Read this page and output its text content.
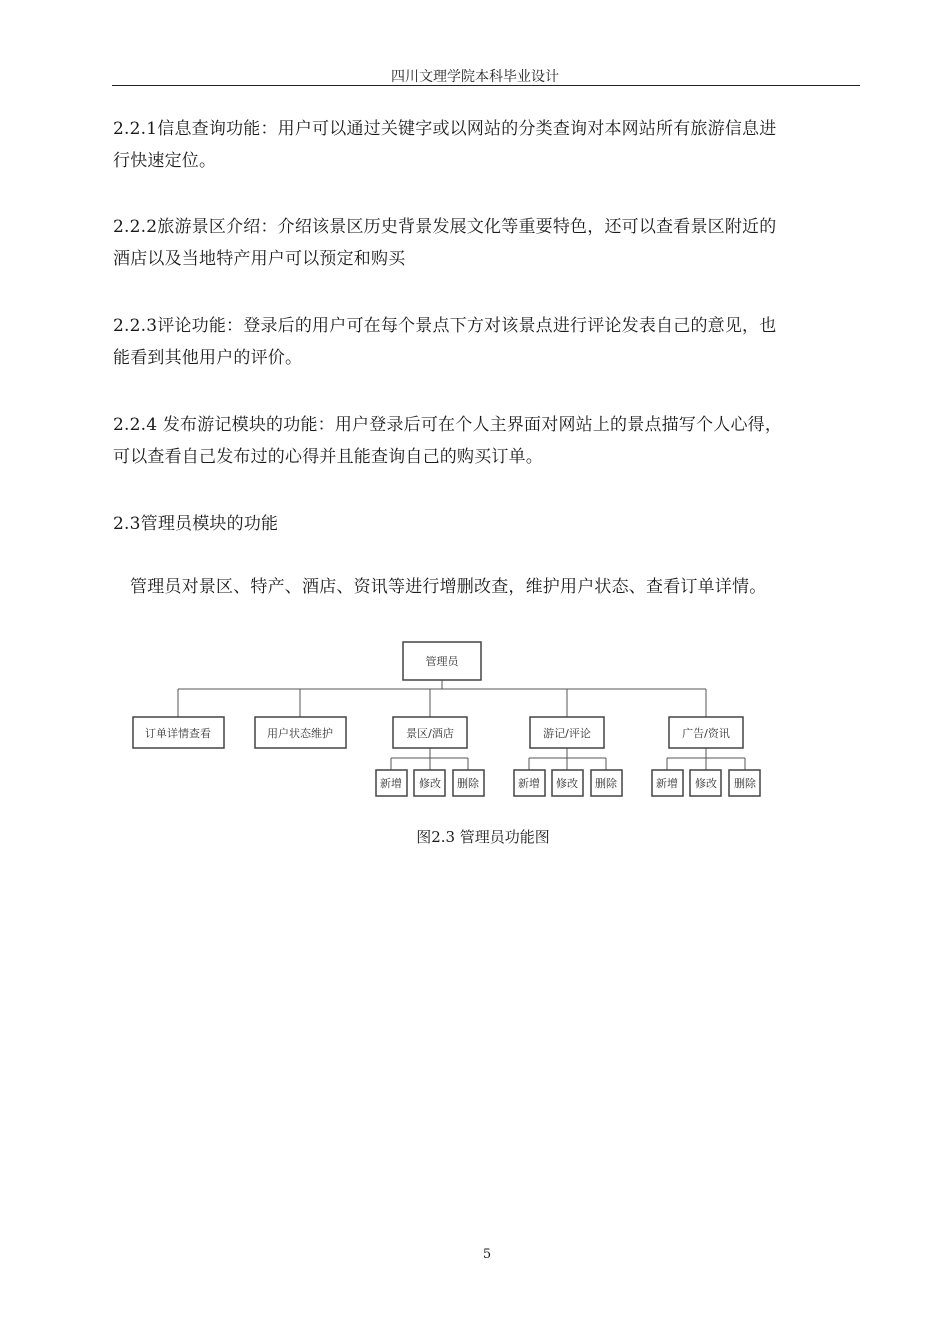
四川文理学院本科毕业设计

2.2.1信息查询功能：用户可以通过关键字或以网站的分类查询对本网站所有旅游信息进
行快速定位。

2.2.2旅游景区介绍：介绍该景区历史背景发展文化等重要特色，还可以查看景区附近的
酒店以及当地特产用户可以预定和购买

2.2.3评论功能：登录后的用户可在每个景点下方对该景点进行评论发表自己的意见，也
能看到其他用户的评价。

2.2.4 发布游记模块的功能：用户登录后可在个人主界面对网站上的景点描写个人心得，
可以查看自己发布过的心得并且能查询自己的购买订单。

2.3管理员模块的功能

管理员对景区、特产、酒店、资讯等进行增删改查，维护用户状态、查看订单详情。

管理员
订单详情查看	用户状态维护	景区/酒店	游记/评论	广告/资讯
新增 修改 删除	新增 修改 删除	新增 修改 删除
图2.3 管理员功能图
5
